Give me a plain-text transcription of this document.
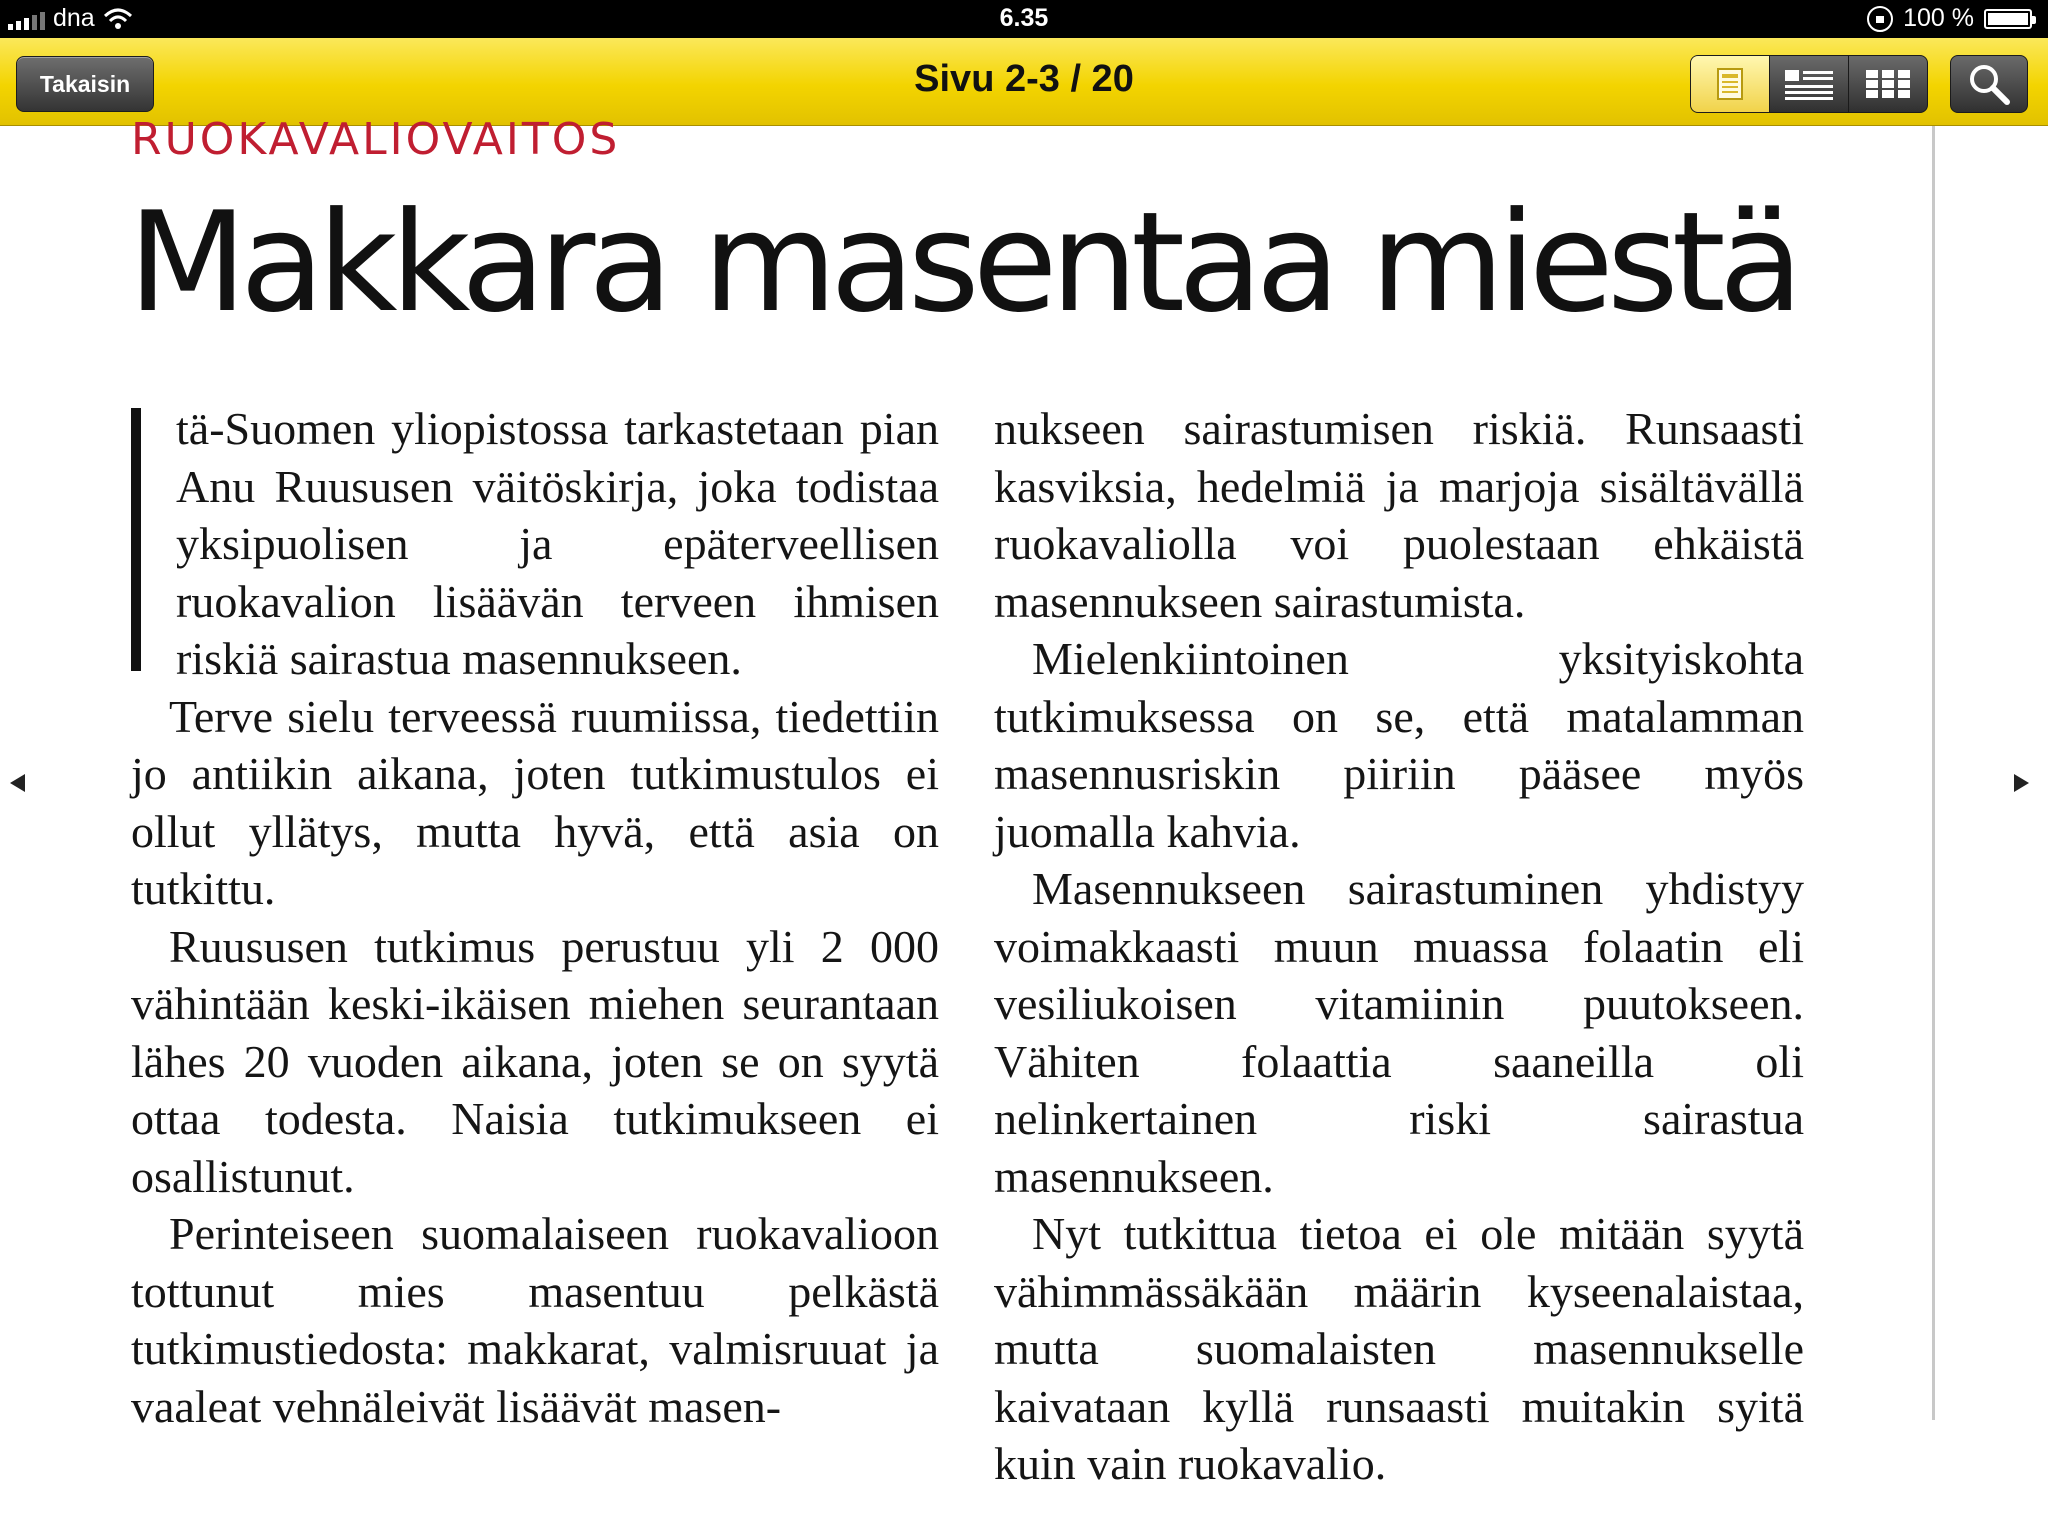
dna	6.35	100 %
Takaisin	Sivu 2-3 / 20
RUOKAVALIOVAITOS
Makkara masentaa miestä

tä-Suomen yliopistossa tarkastetaan pian Anu Ruususen väitöskirja, joka todistaa yksipuolisen ja epäterveellisen ruokavalion lisäävän terveen ihmisen riskiä sairastua masennukseen.

Terve sielu terveessä ruumiissa, tiedettiin jo antiikin aikana, joten tutkimustulos ei ollut yllätys, mutta hyvä, että asia on tutkittu.

Ruususen tutkimus perustuu yli 2 000 vähintään keski-ikäisen miehen seurantaan lähes 20 vuoden aikana, joten se on syytä ottaa todesta. Naisia tutkimukseen ei osallistunut.

Perinteiseen suomalaiseen ruokavalioon tottunut mies masentuu pelkästä tutkimustiedosta: makkarat, valmisruuat ja vaaleat vehnäleivät lisäävät masen-

nukseen sairastumisen riskiä. Runsaasti kasviksia, hedelmiä ja marjoja sisältävällä ruokavaliolla voi puolestaan ehkäistä masennukseen sairastumista.

Mielenkiintoinen yksityiskohta tutkimuksessa on se, että matalamman masennusriskin piiriin pääsee myös juomalla kahvia.

Masennukseen sairastuminen yhdistyy voimakkaasti muun muassa folaatin eli vesiliukoisen vitamiinin puutokseen. Vähiten folaattia saaneilla oli nelinkertainen riski sairastua masennukseen.

Nyt tutkittua tietoa ei ole mitään syytä vähimmässäkään määrin kyseenalaistaa, mutta suomalaisten masennukselle kaivataan kyllä runsaasti muitakin syitä kuin vain ruokavalio.
